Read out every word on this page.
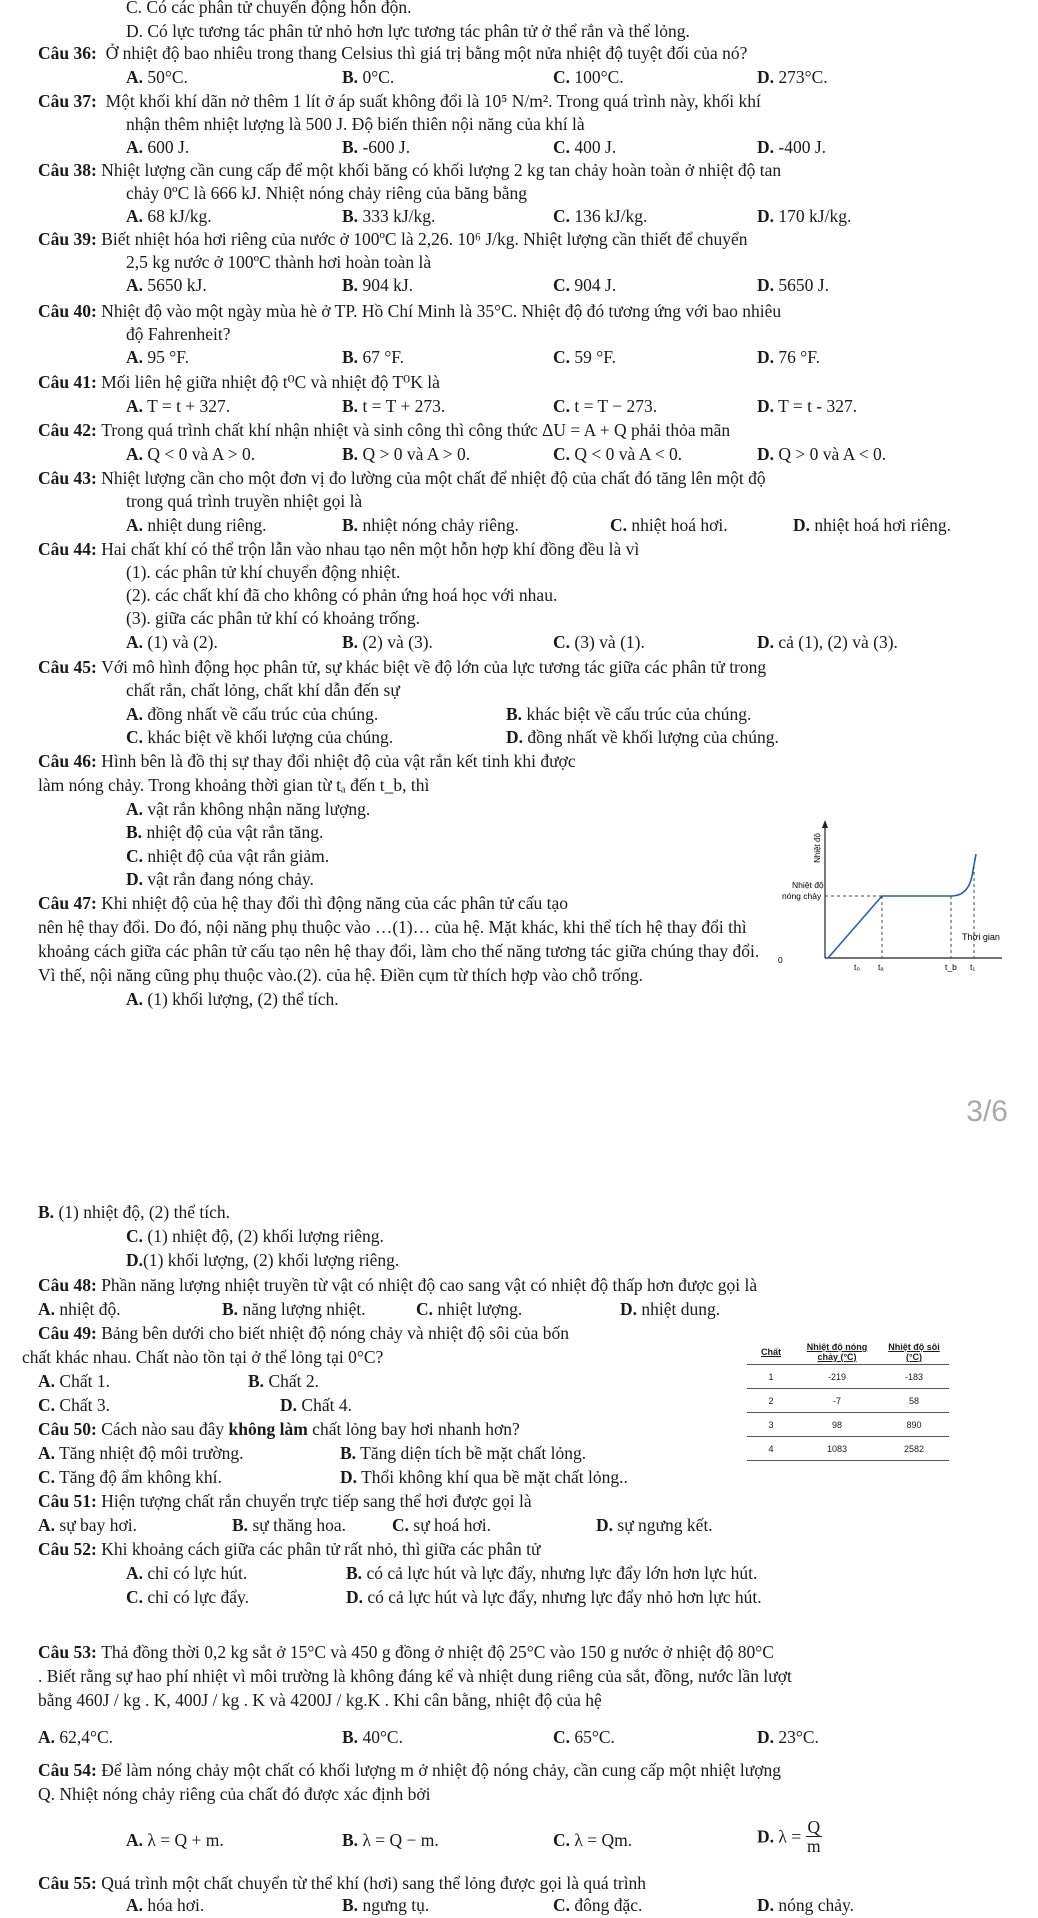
C. Có các phân tử chuyển động hỗn độn.
D. Có lực tương tác phân tử nhỏ hơn lực tương tác phân tử ở thể rắn và thể lỏng.
Câu 36: Ở nhiệt độ bao nhiêu trong thang Celsius thì giá trị bằng một nửa nhiệt độ tuyệt đối của nó?
A. 50°C.	B. 0°C.	C. 100°C.	D. 273°C.
Câu 37: Một khối khí dãn nở thêm 1 lít ở áp suất không đổi là 10⁵ N/m². Trong quá trình này, khối khí
nhận thêm nhiệt lượng là 500 J. Độ biến thiên nội năng của khí là
A. 600 J.	B. -600 J.	C. 400 J.	D. -400 J.
Câu 38: Nhiệt lượng cần cung cấp để một khối băng có khối lượng 2 kg tan chảy hoàn toàn ở nhiệt độ tan
chảy 0ºC là 666 kJ. Nhiệt nóng chảy riêng của băng bằng
A. 68 kJ/kg.	B. 333 kJ/kg.	C. 136 kJ/kg.	D. 170 kJ/kg.
Câu 39: Biết nhiệt hóa hơi riêng của nước ở 100ºC là 2,26. 10⁶ J/kg. Nhiệt lượng cần thiết để chuyển
2,5 kg nước ở 100ºC thành hơi hoàn toàn là
A. 5650 kJ.	B. 904 kJ.	C. 904 J.	D. 5650 J.
Câu 40: Nhiệt độ vào một ngày mùa hè ở TP. Hồ Chí Minh là 35°C. Nhiệt độ đó tương ứng với bao nhiêu
độ Fahrenheit?
A. 95 °F.	B. 67 °F.	C. 59 °F.	D. 76 °F.
Câu 41: Mối liên hệ giữa nhiệt độ t⁰C và nhiệt độ T⁰K là
A. T = t + 327.	B. t = T + 273.	C. t = T − 273.	D. T = t - 327.
Câu 42: Trong quá trình chất khí nhận nhiệt và sinh công thì công thức ΔU = A + Q phải thỏa mãn
A. Q < 0 và A > 0.	B. Q > 0 và A > 0.	C. Q < 0 và A < 0.	D. Q > 0 và A < 0.
Câu 43: Nhiệt lượng cần cho một đơn vị đo lường của một chất để nhiệt độ của chất đó tăng lên một độ
trong quá trình truyền nhiệt gọi là
A. nhiệt dung riêng.	B. nhiệt nóng chảy riêng.	C. nhiệt hoá hơi.	D. nhiệt hoá hơi riêng.
Câu 44: Hai chất khí có thể trộn lẫn vào nhau tạo nên một hỗn hợp khí đồng đều là vì
(1). các phân tử khí chuyển động nhiệt.
(2). các chất khí đã cho không có phản ứng hoá học với nhau.
(3). giữa các phân tử khí có khoảng trống.
A. (1) và (2).	B. (2) và (3).	C. (3) và (1).	D. cả (1), (2) và (3).
Câu 45: Với mô hình động học phân tử, sự khác biệt về độ lớn của lực tương tác giữa các phân tử trong
chất rắn, chất lỏng, chất khí dẫn đến sự
A. đồng nhất về cấu trúc của chúng.	B. khác biệt về cấu trúc của chúng.
C. khác biệt về khối lượng của chúng.	D. đồng nhất về khối lượng của chúng.
Câu 46: Hình bên là đồ thị sự thay đổi nhiệt độ của vật rắn kết tinh khi được
làm nóng chảy. Trong khoảng thời gian từ tₐ đến t_b, thì
A. vật rắn không nhận năng lượng.
B. nhiệt độ của vật rắn tăng.
C. nhiệt độ của vật rắn giảm.
D. vật rắn đang nóng chảy.
Nhiệt độ
Nhiệt độ
nóng chảy
Thời gian
0
t₀ tₐ	t_b t₁
Câu 47: Khi nhiệt độ của hệ thay đổi thì động năng của các phân tử cấu tạo
nên hệ thay đổi. Do đó, nội năng phụ thuộc vào …(1)… của hệ. Mặt khác, khi thể tích hệ thay đổi thì
khoảng cách giữa các phân tử cấu tạo nên hệ thay đổi, làm cho thế năng tương tác giữa chúng thay đổi.
Vì thế, nội năng cũng phụ thuộc vào.(2). của hệ. Điền cụm từ thích hợp vào chỗ trống.
A. (1) khối lượng, (2) thể tích.
3/6
B. (1) nhiệt độ, (2) thể tích.
C. (1) nhiệt độ, (2) khối lượng riêng.
D.(1) khối lượng, (2) khối lượng riêng.
Câu 48: Phần năng lượng nhiệt truyền từ vật có nhiệt độ cao sang vật có nhiệt độ thấp hơn được gọi là
A. nhiệt độ.	B. năng lượng nhiệt.	C. nhiệt lượng.	D. nhiệt dung.
Câu 49: Bảng bên dưới cho biết nhiệt độ nóng chảy và nhiệt độ sôi của bốn
chất khác nhau. Chất nào tồn tại ở thể lỏng tại 0°C?
A. Chất 1.	B. Chất 2.
C. Chất 3.	D. Chất 4.
Chất	Nhiệt độ nóng chảy (°C)	Nhiệt độ sôi (°C)
1	-219	-183
2	-7	58
3	98	890
4	1083	2582
Câu 50: Cách nào sau đây không làm chất lỏng bay hơi nhanh hơn?
A. Tăng nhiệt độ môi trường.	B. Tăng diện tích bề mặt chất lỏng.
C. Tăng độ ẩm không khí.	D. Thổi không khí qua bề mặt chất lỏng..
Câu 51: Hiện tượng chất rắn chuyển trực tiếp sang thể hơi được gọi là
A. sự bay hơi.	B. sự thăng hoa.	C. sự hoá hơi.	D. sự ngưng kết.
Câu 52: Khi khoảng cách giữa các phân tử rất nhỏ, thì giữa các phân tử
A. chỉ có lực hút.	B. có cả lực hút và lực đẩy, nhưng lực đẩy lớn hơn lực hút.
C. chỉ có lực đẩy.	D. có cả lực hút và lực đẩy, nhưng lực đẩy nhỏ hơn lực hút.
Câu 53: Thả đồng thời 0,2 kg sắt ở 15°C và 450 g đồng ở nhiệt độ 25°C vào 150 g nước ở nhiệt độ 80°C
. Biết rằng sự hao phí nhiệt vì môi trường là không đáng kể và nhiệt dung riêng của sắt, đồng, nước lần lượt
bằng 460J / kg . K, 400J / kg . K và 4200J / kg.K . Khi cân bằng, nhiệt độ của hệ
A. 62,4°C.	B. 40°C.	C. 65°C.	D. 23°C.
Câu 54: Để làm nóng chảy một chất có khối lượng m ở nhiệt độ nóng chảy, cần cung cấp một nhiệt lượng
Q. Nhiệt nóng chảy riêng của chất đó được xác định bởi
A. λ = Q + m.	B. λ = Q − m.	C. λ = Qm.	D. $\lambda = \frac{Q}{m}$
Câu 55: Quá trình một chất chuyển từ thể khí (hơi) sang thể lỏng được gọi là quá trình
A. hóa hơi.	B. ngưng tụ.	C. đông đặc.	D. nóng chảy.
